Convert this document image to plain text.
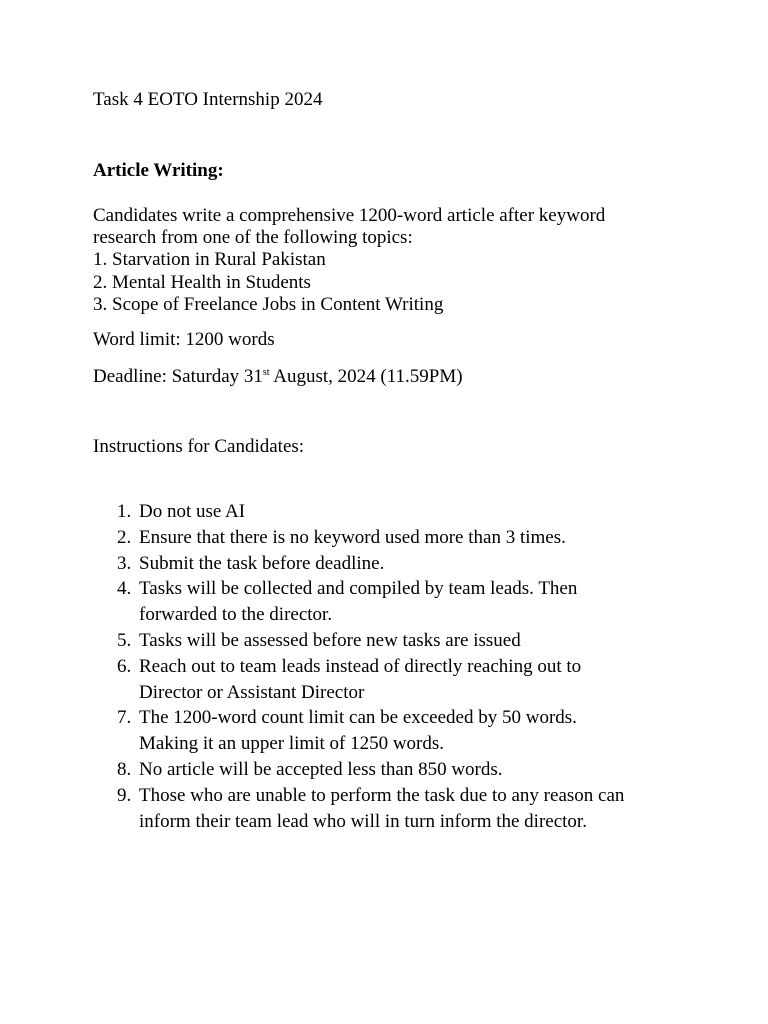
Task 4 EOTO Internship 2024
Article Writing:
Candidates write a comprehensive 1200-word article after keyword
research from one of the following topics:
1. Starvation in Rural Pakistan
2. Mental Health in Students
3. Scope of Freelance Jobs in Content Writing
Word limit: 1200 words
Deadline: Saturday 31st August, 2024 (11.59PM)
Instructions for Candidates:
1. Do not use AI
2. Ensure that there is no keyword used more than 3 times.
3. Submit the task before deadline.
4. Tasks will be collected and compiled by team leads. Then
forwarded to the director.
5. Tasks will be assessed before new tasks are issued
6. Reach out to team leads instead of directly reaching out to
Director or Assistant Director
7. The 1200-word count limit can be exceeded by 50 words.
Making it an upper limit of 1250 words.
8. No article will be accepted less than 850 words.
9. Those who are unable to perform the task due to any reason can
inform their team lead who will in turn inform the director.
